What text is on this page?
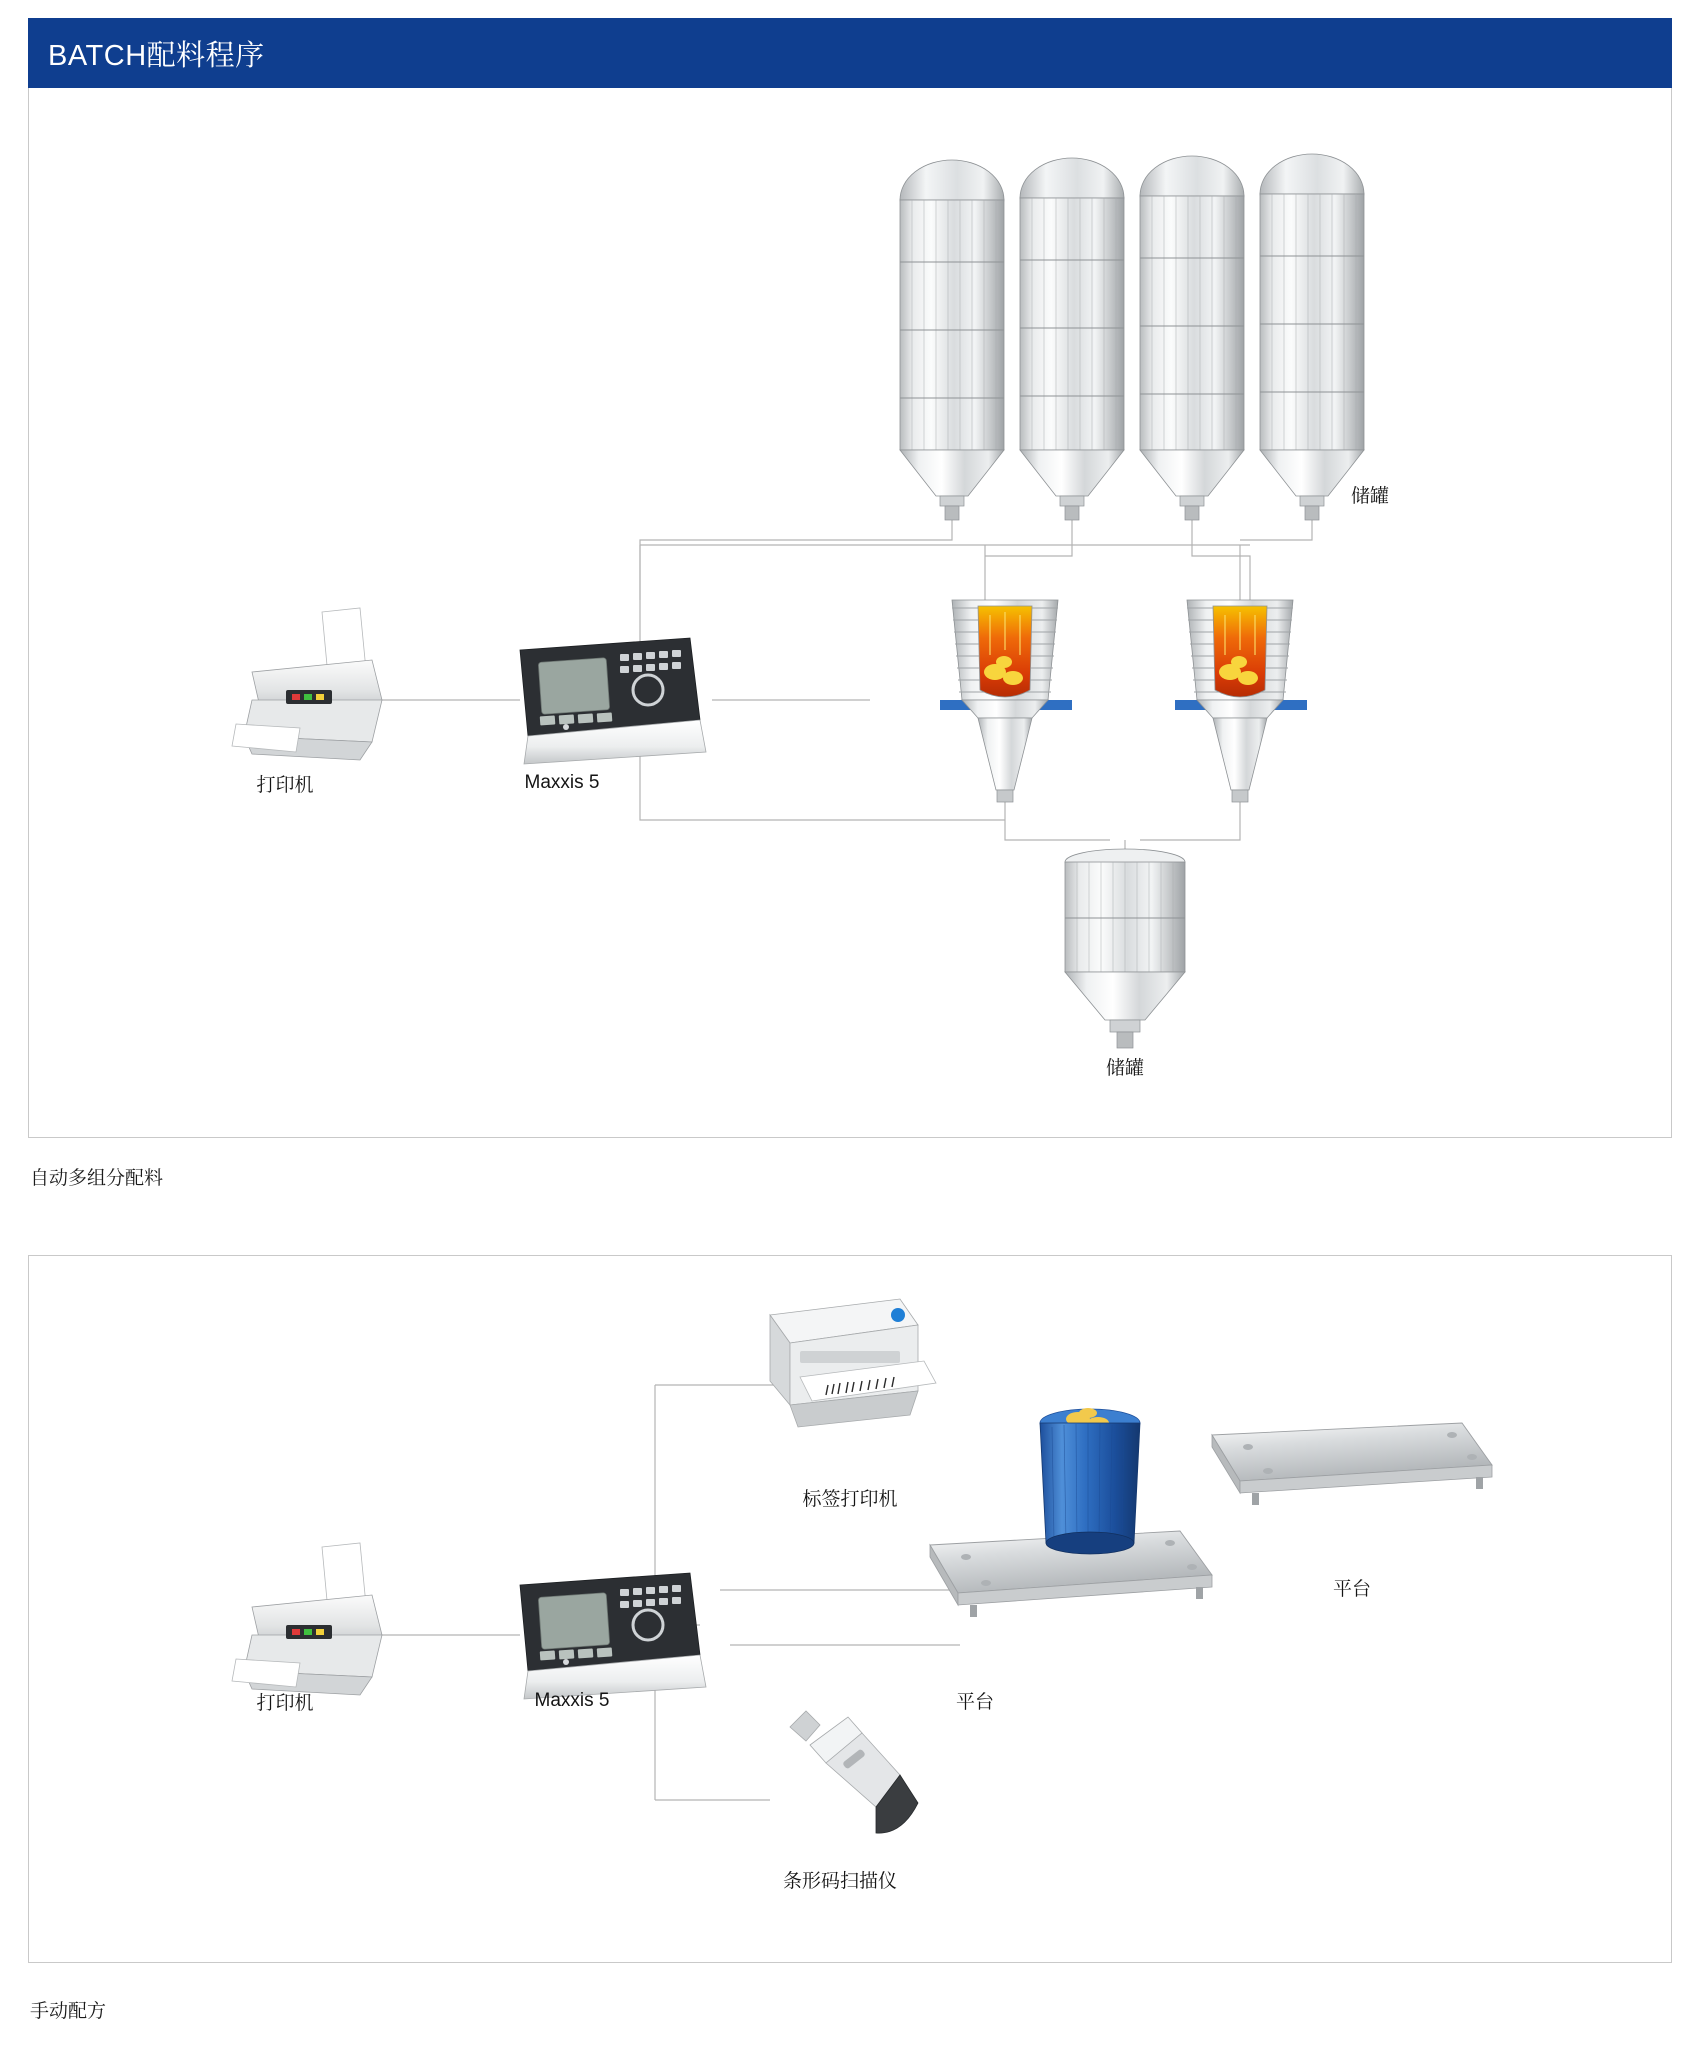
BATCH配料程序
储罐
打印机	Maxxis 5
储罐
自动多组分配料
标签打印机
打印机	Maxxis 5	平台
平台
条形码扫描仪
手动配方
